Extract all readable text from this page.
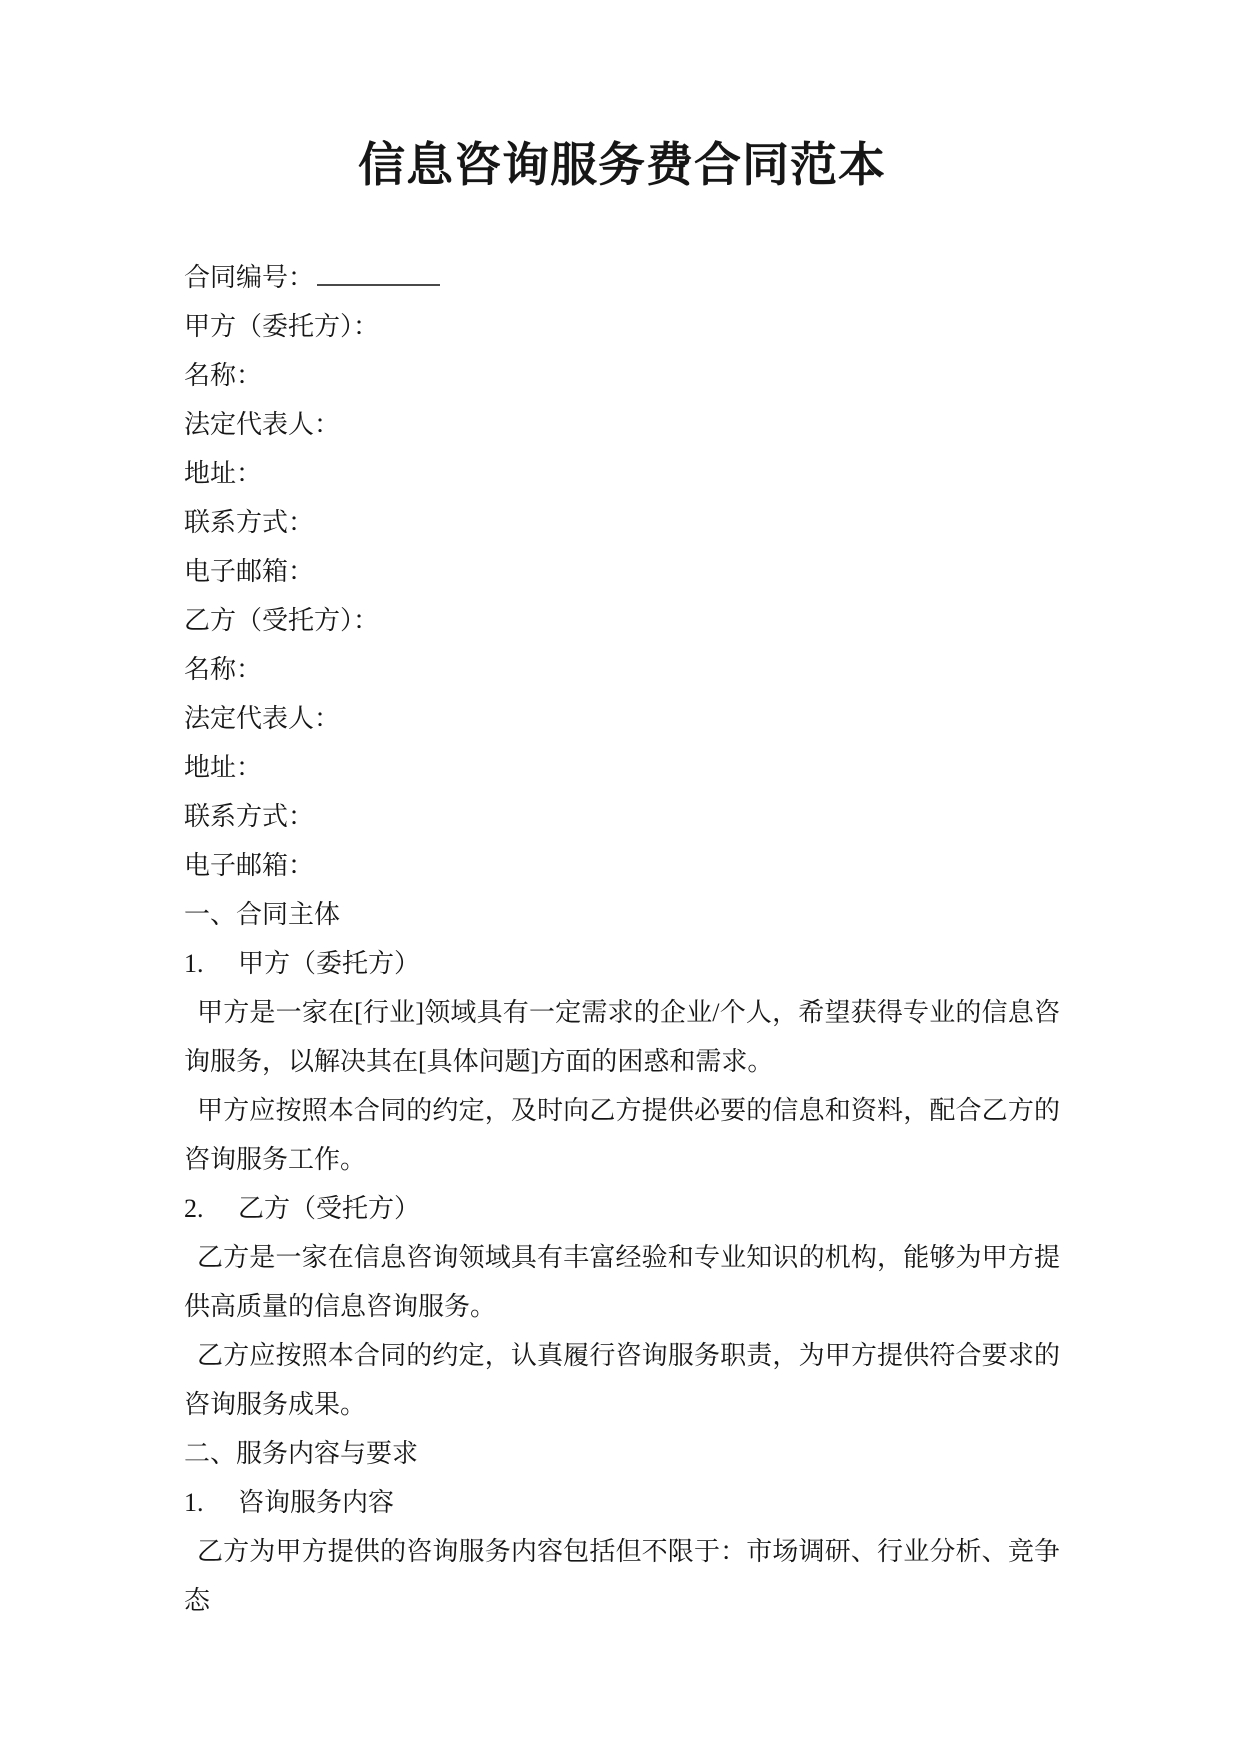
信息咨询服务费合同范本
合同编号：
甲方（委托方）：
名称：
法定代表人：
地址：
联系方式：
电子邮箱：
乙方（受托方）：
名称：
法定代表人：
地址：
联系方式：
电子邮箱：
一、合同主体
1. 甲方（委托方）
甲方是一家在[行业]领域具有一定需求的企业/个人，希望获得专业的信息咨询服务，以解决其在[具体问题]方面的困惑和需求。
甲方应按照本合同的约定，及时向乙方提供必要的信息和资料，配合乙方的咨询服务工作。
2. 乙方（受托方）
乙方是一家在信息咨询领域具有丰富经验和专业知识的机构，能够为甲方提供高质量的信息咨询服务。
乙方应按照本合同的约定，认真履行咨询服务职责，为甲方提供符合要求的咨询服务成果。
二、服务内容与要求
1. 咨询服务内容
乙方为甲方提供的咨询服务内容包括但不限于：市场调研、行业分析、竞争态
